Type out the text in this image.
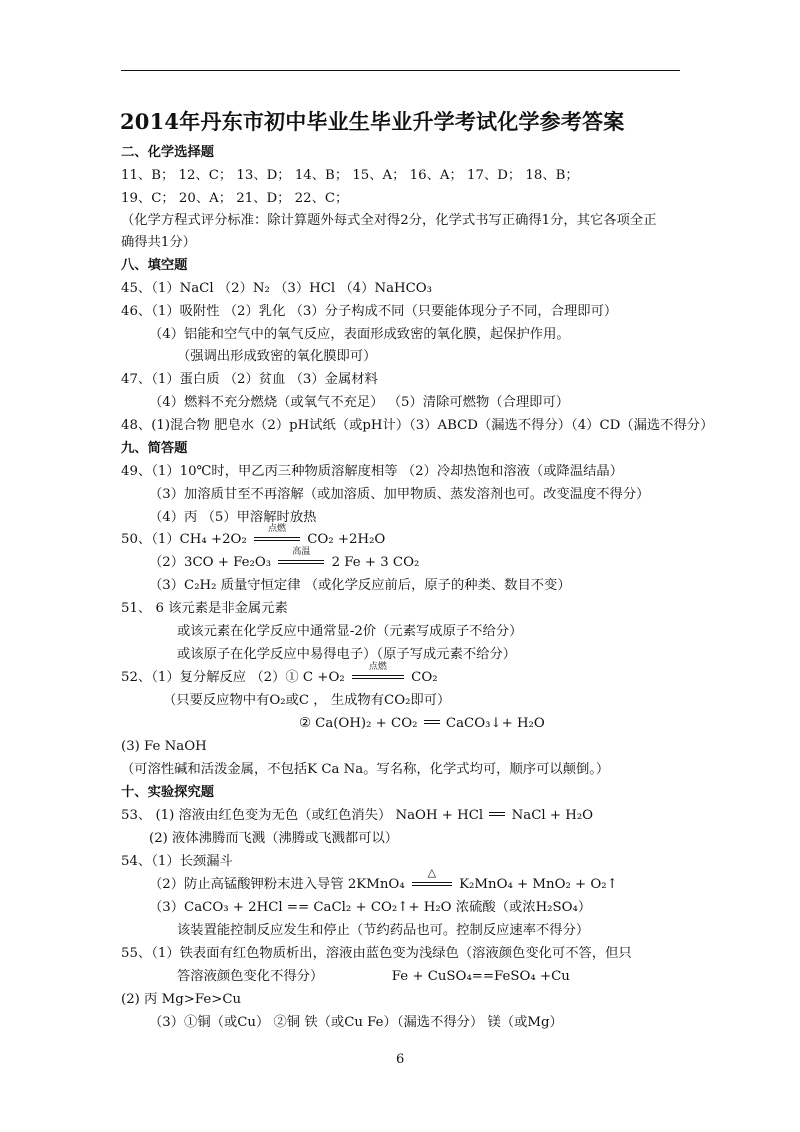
2014年丹东市初中毕业生毕业升学考试化学参考答案
二、化学选择题
11、B； 12、C； 13、D； 14、B； 15、A； 16、A； 17、D； 18、B；
19、C； 20、A； 21、D； 22、C；
（化学方程式评分标准：除计算题外每式全对得2分，化学式书写正确得1分，其它各项全正
确得共1分）
八、填空题
45、（1）NaCl （2）N₂ （3）HCl （4）NaHCO₃
46、（1）吸附性 （2）乳化 （3）分子构成不同（只要能体现分子不同，合理即可）
（4）铝能和空气中的氧气反应，表面形成致密的氧化膜，起保护作用。
（强调出形成致密的氧化膜即可）
47、（1）蛋白质 （2）贫血 （3）金属材料
（4）燃料不充分燃烧（或氧气不充足） （5）清除可燃物（合理即可）
48、(1)混合物 肥皂水（2）pH试纸（或pH计）（3）ABCD（漏选不得分）（4）CD（漏选不得分）
九、简答题
49、（1）10℃时，甲乙丙三种物质溶解度相等 （2）冷却热饱和溶液（或降温结晶）
（3）加溶质甘至不再溶解（或加溶质、加甲物质、蒸发溶剂也可。改变温度不得分）
（4）丙 （5）甲溶解时放热
50、（1）CH₄ +2O₂
点燃
CO₂ +2H₂O
（2）3CO + Fe₂O₃
高温
2 Fe + 3 CO₂
（3）C₂H₂ 质量守恒定律 （或化学反应前后，原子的种类、数目不变）
51、 6 该元素是非金属元素
或该元素在化学反应中通常显-2价（元素写成原子不给分）
或该原子在化学反应中易得电子）（原子写成元素不给分）
52、（1）复分解反应 （2）① C +O₂
点燃
CO₂
（只要反应物中有O₂或C ， 生成物有CO₂即可）
② Ca(OH)₂ + CO₂ CaCO₃↓+ H₂O
(3) Fe NaOH
（可溶性碱和活泼金属，不包括K Ca Na。写名称，化学式均可，顺序可以颠倒。）
十、实验探究题
53、 (1) 溶液由红色变为无色（或红色消失） NaOH + HCl NaCl + H₂O
(2) 液体沸腾而飞溅（沸腾或飞溅都可以）
54、（1）长颈漏斗
（2）防止高锰酸钾粉末进入导管 2KMnO₄
△
K₂MnO₄ + MnO₂ + O₂↑
（3）CaCO₃ + 2HCl == CaCl₂ + CO₂↑+ H₂O 浓硫酸（或浓H₂SO₄）
该装置能控制反应发生和停止（节约药品也可。控制反应速率不得分）
55、（1）铁表面有红色物质析出，溶液由蓝色变为浅绿色（溶液颜色变化可不答，但只
答溶液颜色变化不得分）	Fe + CuSO₄==FeSO₄ +Cu
(2) 丙 Mg>Fe>Cu
（3）①铜（或Cu） ②铜 铁（或Cu Fe）（漏选不得分） 镁（或Mg）
6
